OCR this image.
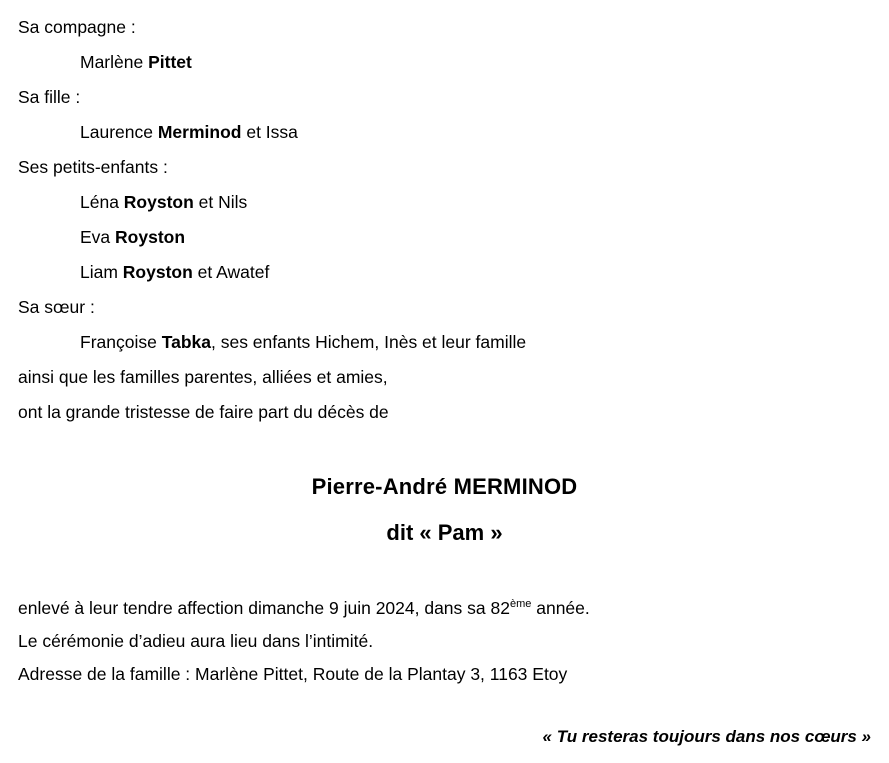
Sa compagne :
Marlène Pittet
Sa fille :
Laurence Merminod et Issa
Ses petits-enfants :
Léna Royston et Nils
Eva Royston
Liam Royston et Awatef
Sa sœur :
Françoise Tabka, ses enfants Hichem, Inès et leur famille
ainsi que les familles parentes, alliées et amies,
ont la grande tristesse de faire part du décès de
Pierre-André MERMINOD
dit « Pam »
enlevé à leur tendre affection dimanche 9 juin 2024, dans sa 82ème année.
Le cérémonie d’adieu aura lieu dans l’intimité.
Adresse de la famille : Marlène Pittet, Route de la Plantay 3, 1163 Etoy
« Tu resteras toujours dans nos cœurs »
